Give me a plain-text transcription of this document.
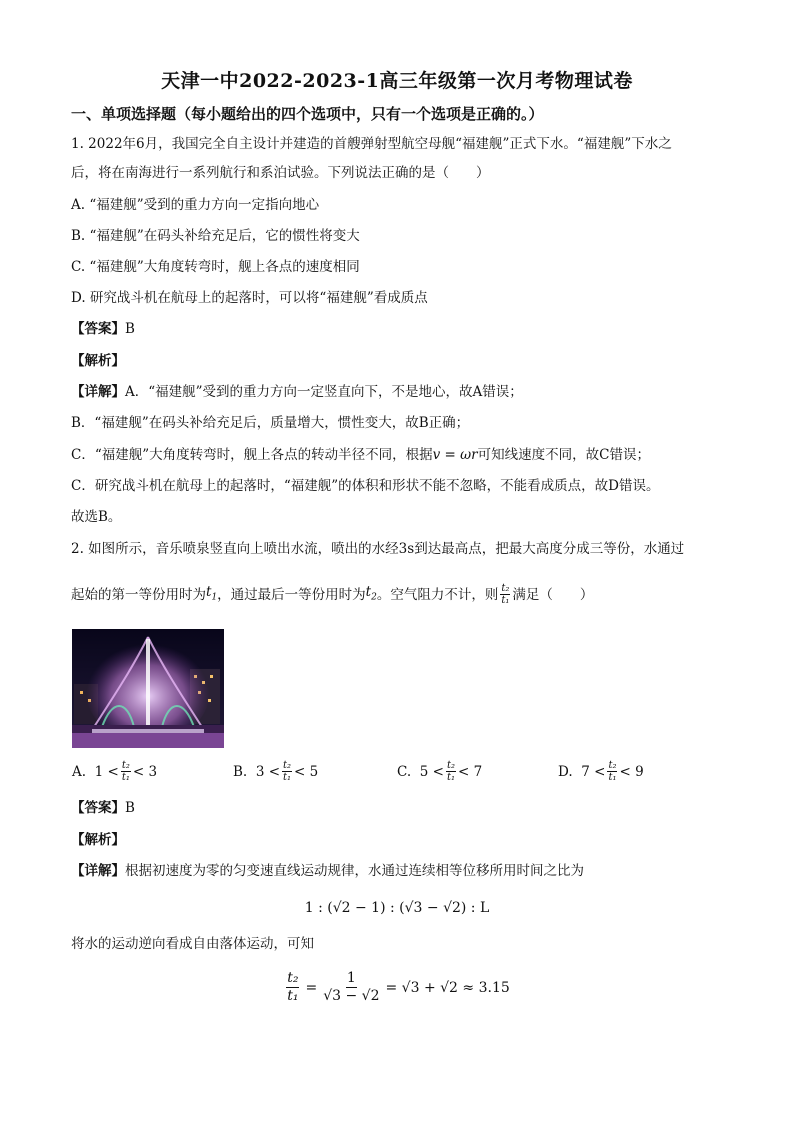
天津一中2022-2023-1高三年级第一次月考物理试卷
一、单项选择题（每小题给出的四个选项中，只有一个选项是正确的。）
1. 2022年6月，我国完全自主设计并建造的首艘弹射型航空母舰“福建舰”正式下水。“福建舰”下水之
后，将在南海进行一系列航行和系泊试验。下列说法正确的是（　　）
A. “福建舰”受到的重力方向一定指向地心
B. “福建舰”在码头补给充足后，它的惯性将变大
C. “福建舰”大角度转弯时，舰上各点的速度相同
D. 研究战斗机在航母上的起落时，可以将“福建舰”看成质点
【答案】B
【解析】
【详解】A．“福建舰”受到的重力方向一定竖直向下，不是地心，故A错误；
B．“福建舰”在码头补给充足后，质量增大，惯性变大，故B正确；
C．“福建舰”大角度转弯时，舰上各点的转动半径不同，根据v = ωr可知线速度不同，故C错误；
C．研究战斗机在航母上的起落时，“福建舰”的体积和形状不能不忽略，不能看成质点，故D错误。
故选B。
2. 如图所示，音乐喷泉竖直向上喷出水流，喷出的水经3s到达最高点，把最大高度分成三等份，水通过
起始的第一等份用时为 $t_1$ ，通过最后一等份用时为 $t_2$ 。空气阻力不计，则 $\frac{\text{t₂}}{\text{t₁}}$ 满足（　　）
A.
$1 < \frac{\text{t₂}}{\text{t₁}} < 3$	B.
$3 < \frac{\text{t₂}}{\text{t₁}} < 5$	C.
$5 < \frac{\text{t₂}}{\text{t₁}} < 7$	D.
$7 < \frac{\text{t₂}}{\text{t₁}} < 9$
【答案】B
【解析】
【详解】根据初速度为零的匀变速直线运动规律，水通过连续相等位移所用时间之比为
1 : (√2 − 1) : (√3 − √2) : L
将水的运动逆向看成自由落体运动，可知
$\frac{\text{t₂}}{\text{t₁}} = \frac{1}{√3 - √2} = √3 + √2 \approx 3.15$
